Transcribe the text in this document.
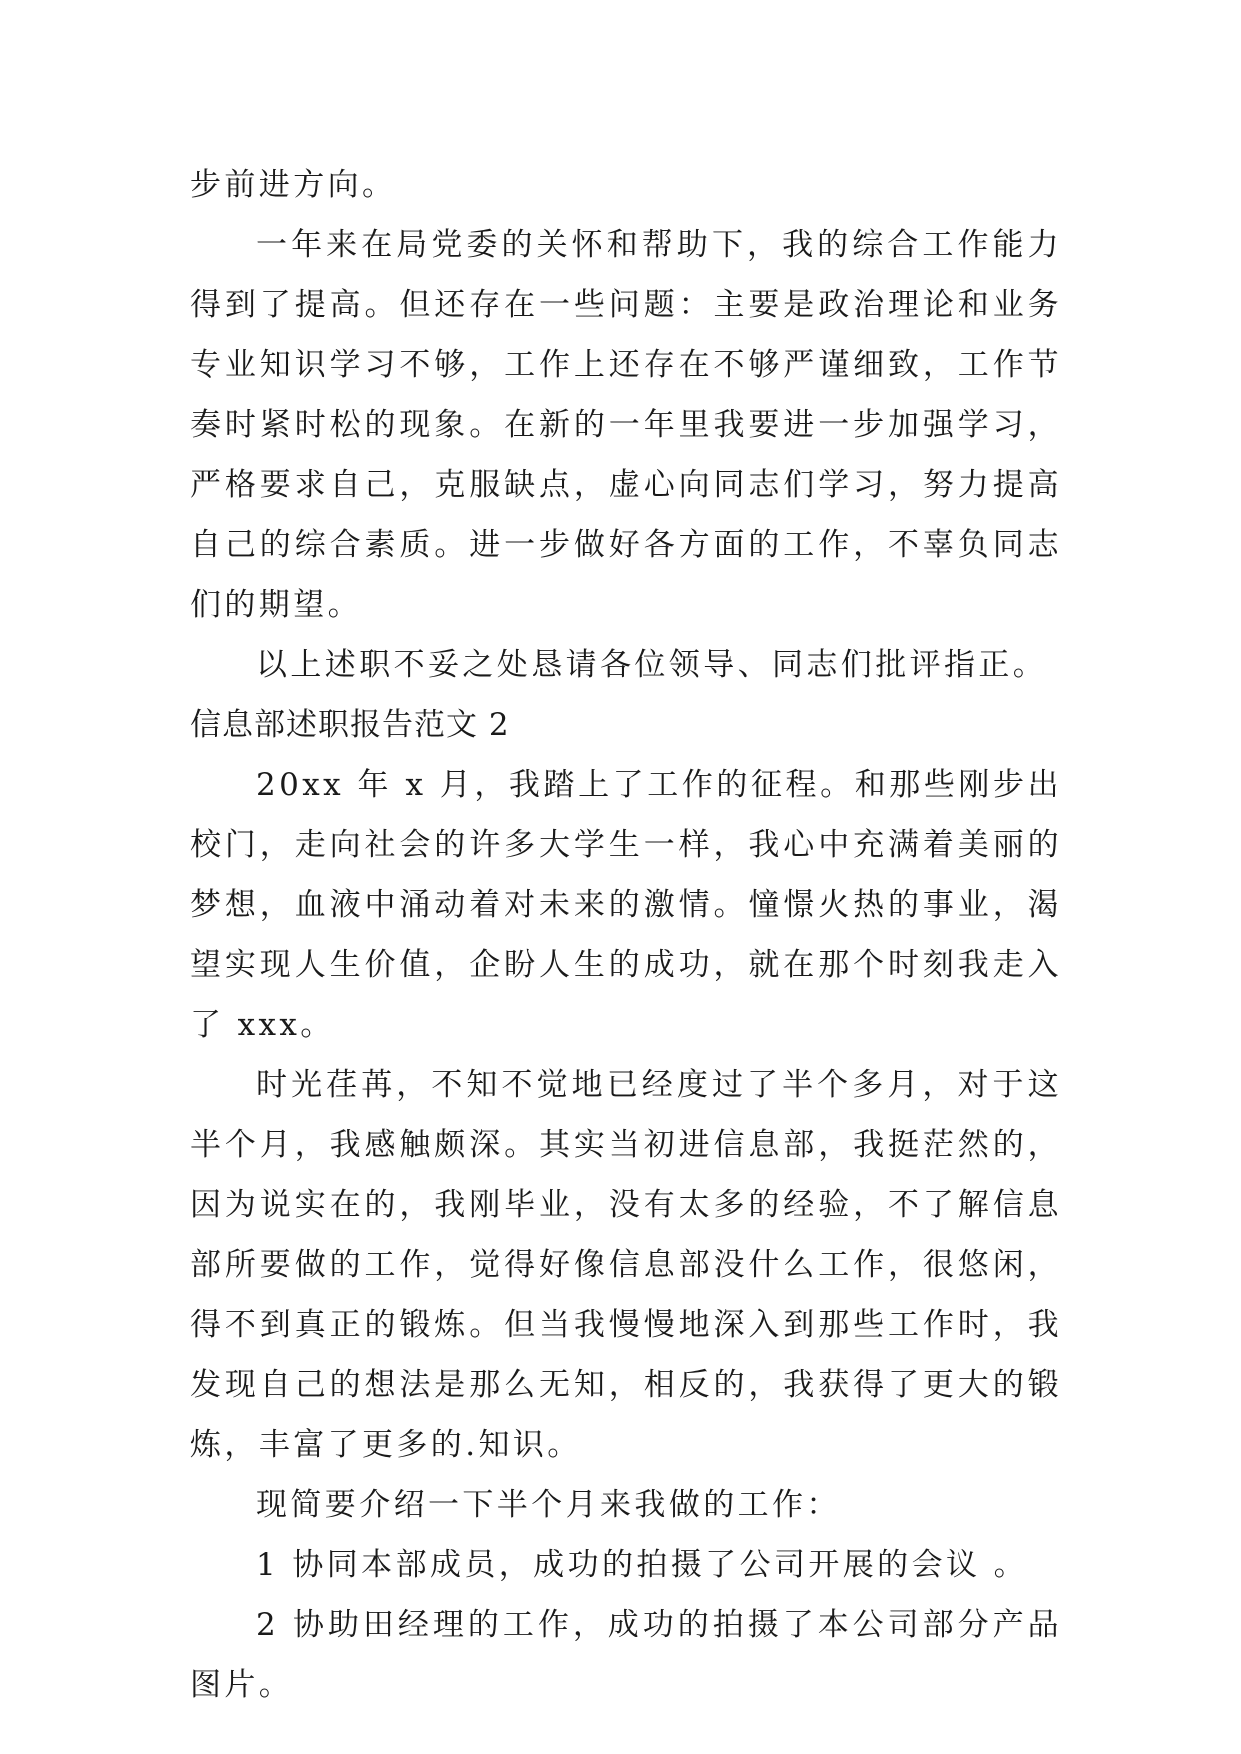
步前进方向。

一年来在局党委的关怀和帮助下，我的综合工作能力得到了提高。但还存在一些问题：主要是政治理论和业务专业知识学习不够，工作上还存在不够严谨细致，工作节奏时紧时松的现象。在新的一年里我要进一步加强学习，严格要求自己，克服缺点，虚心向同志们学习，努力提高自己的综合素质。进一步做好各方面的工作，不辜负同志们的期望。

以上述职不妥之处恳请各位领导、同志们批评指正。

信息部述职报告范文 2

20xx 年 x 月，我踏上了工作的征程。和那些刚步出校门，走向社会的许多大学生一样，我心中充满着美丽的梦想，血液中涌动着对未来的激情。憧憬火热的事业，渴望实现人生价值，企盼人生的成功，就在那个时刻我走入了 xxx。

时光荏苒，不知不觉地已经度过了半个多月，对于这半个月，我感触颇深。其实当初进信息部，我挺茫然的，因为说实在的，我刚毕业，没有太多的经验，不了解信息部所要做的工作，觉得好像信息部没什么工作，很悠闲，得不到真正的锻炼。但当我慢慢地深入到那些工作时，我发现自己的想法是那么无知，相反的，我获得了更大的锻炼，丰富了更多的.知识。

现简要介绍一下半个月来我做的工作：

1 协同本部成员，成功的拍摄了公司开展的会议 。

2 协助田经理的工作，成功的拍摄了本公司部分产品图片。
